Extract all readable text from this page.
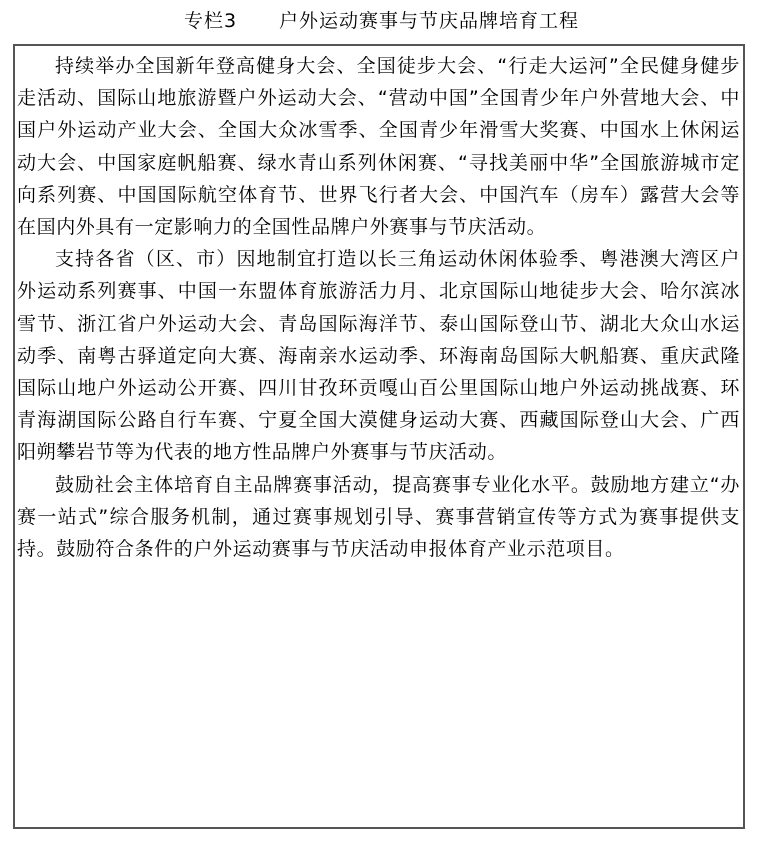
专栏3 户外运动赛事与节庆品牌培育工程

持续举办全国新年登高健身大会、全国徒步大会、“行走大运河”全民健身健步走活动、国际山地旅游暨户外运动大会、“营动中国”全国青少年户外营地大会、中国户外运动产业大会、全国大众冰雪季、全国青少年滑雪大奖赛、中国水上休闲运动大会、中国家庭帆船赛、绿水青山系列休闲赛、“寻找美丽中华”全国旅游城市定向系列赛、中国国际航空体育节、世界飞行者大会、中国汽车（房车）露营大会等在国内外具有一定影响力的全国性品牌户外赛事与节庆活动。

支持各省（区、市）因地制宜打造以长三角运动休闲体验季、粤港澳大湾区户外运动系列赛事、中国一东盟体育旅游活力月、北京国际山地徒步大会、哈尔滨冰雪节、浙江省户外运动大会、青岛国际海洋节、泰山国际登山节、湖北大众山水运动季、南粤古驿道定向大赛、海南亲水运动季、环海南岛国际大帆船赛、重庆武隆国际山地户外运动公开赛、四川甘孜环贡嘎山百公里国际山地户外运动挑战赛、环青海湖国际公路自行车赛、宁夏全国大漠健身运动大赛、西藏国际登山大会、广西阳朔攀岩节等为代表的地方性品牌户外赛事与节庆活动。

鼓励社会主体培育自主品牌赛事活动，提高赛事专业化水平。鼓励地方建立“办赛一站式”综合服务机制，通过赛事规划引导、赛事营销宣传等方式为赛事提供支持。鼓励符合条件的户外运动赛事与节庆活动申报体育产业示范项目。
